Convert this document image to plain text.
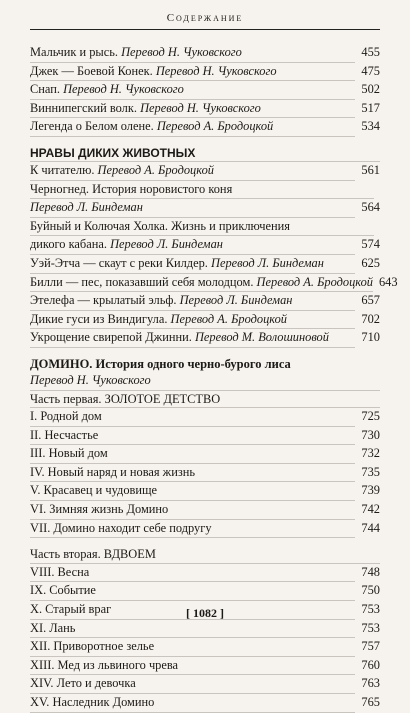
Содержание
Мальчик и рысь. Перевод Н. Чуковского	455
Джек — Боевой Конек. Перевод Н. Чуковского	475
Снап. Перевод Н. Чуковского	502
Виннипегский волк. Перевод Н. Чуковского	517
Легенда о Белом олене. Перевод А. Бродоцкой	534
НРАВЫ ДИКИХ ЖИВОТНЫХ
К читателю. Перевод А. Бродоцкой	561
Черногнед. История норовистого коня
Перевод Л. Биндеман	564
Буйный и Колючая Холка. Жизнь и приключения
дикого кабана. Перевод Л. Биндеман	574
Уэй-Этча — скаут с реки Килдер. Перевод Л. Биндеман	625
Билли — пес, показавший себя молодцом. Перевод А. Бродоцкой 643
Этелефа — крылатый эльф. Перевод Л. Биндеман	657
Дикие гуси из Виндигула. Перевод А. Бродоцкой	702
Укрощение свирепой Джинни. Перевод М. Волошиновой	710
ДОМИНО. История одного черно-бурого лиса
Перевод Н. Чуковского
Часть первая. ЗОЛОТОЕ ДЕТСТВО
I. Родной дом	725
II. Несчастье	730
III. Новый дом	732
IV. Новый наряд и новая жизнь	735
V. Красавец и чудовище	739
VI. Зимняя жизнь Домино	742
VII. Домино находит себе подругу	744
Часть вторая. ВДВОЕМ
VIII. Весна	748
IX. Событие	750
X. Старый враг	753
XI. Лань	753
XII. Приворотное зелье	757
XIII. Мед из львиного чрева	760
XIV. Лето и девочка	763
XV. Наследник Домино	765
[ 1082 ]
